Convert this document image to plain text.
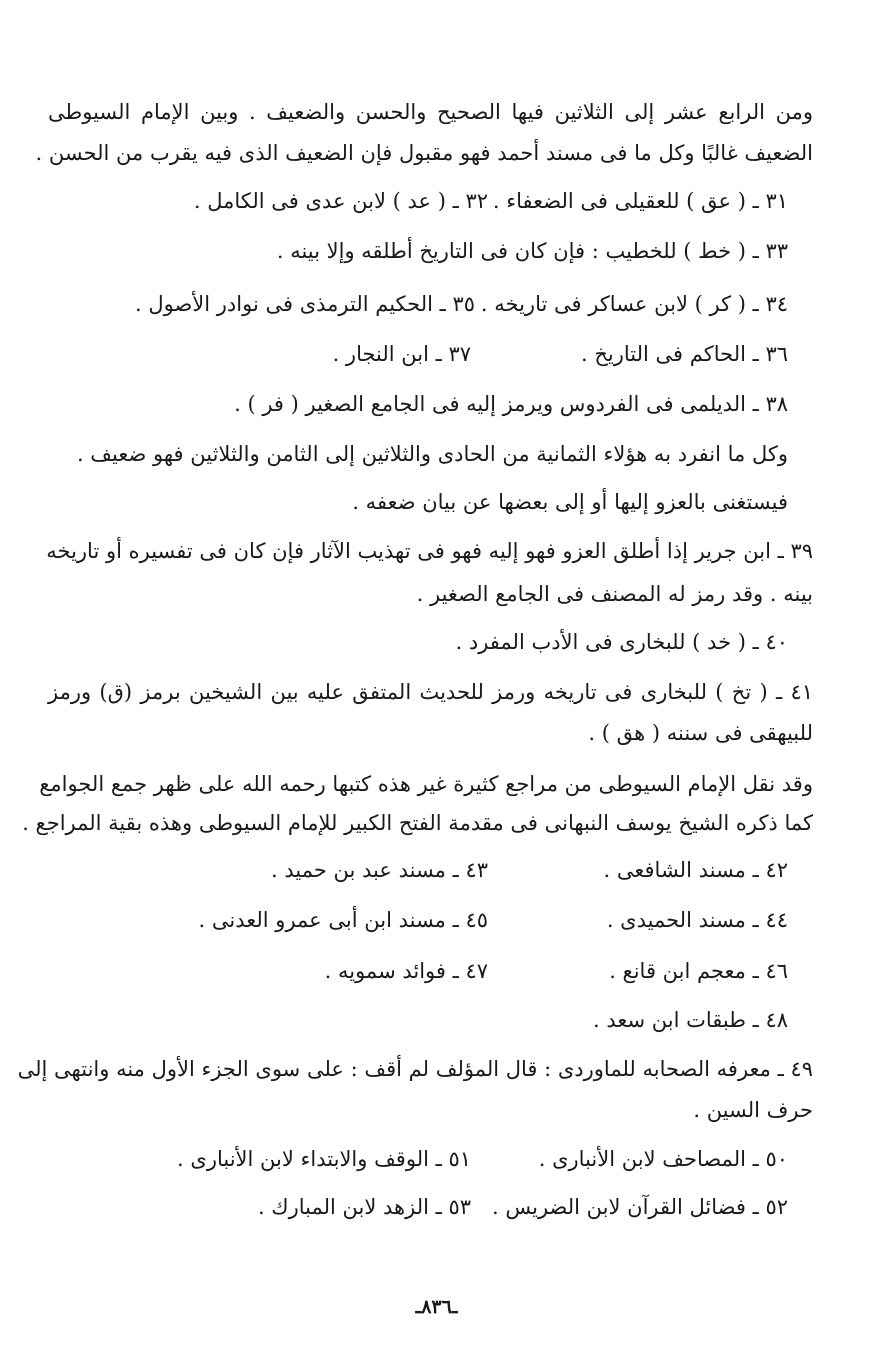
ومن الرابع عشر إلى الثلاثين فيها الصحيح والحسن والضعيف . وبين الإمام السيوطى
الضعيف غالبًا وكل ما فى مسند أحمد فهو مقبول فإن الضعيف الذى فيه يقرب من الحسن .
٣١ ـ ( عق ) للعقيلى فى الضعفاء .
٣٢ ـ ( عد ) لابن عدى فى الكامل .
٣٣ ـ ( خط ) للخطيب : فإن كان فى التاريخ أطلقه وإلا بينه .
٣٤ ـ ( كر ) لابن عساكر فى تاريخه .
٣٥ ـ الحكيم الترمذى فى نوادر الأصول .
٣٦ ـ الحاكم فى التاريخ .
٣٧ ـ ابن النجار .
٣٨ ـ الديلمى فى الفردوس ويرمز إليه فى الجامع الصغير ( فر ) .
وكل ما انفرد به هؤلاء الثمانية من الحادى والثلاثين إلى الثامن والثلاثين فهو ضعيف .
فيستغنى بالعزو إليها أو إلى بعضها عن بيان ضعفه .
٣٩ ـ ابن جرير إذا أطلق العزو فهو إليه فهو فى تهذيب الآثار فإن كان فى تفسيره أو تاريخه
بينه . وقد رمز له المصنف فى الجامع الصغير .
٤٠ ـ ( خد ) للبخارى فى الأدب المفرد .
٤١ ـ ( تخ ) للبخارى فى تاريخه ورمز للحديث المتفق عليه بين الشيخين برمز (ق) ورمز
للبيهقى فى سننه ( هق ) .
وقد نقل الإمام السيوطى من مراجع كثيرة غير هذه كتبها رحمه الله على ظهر جمع الجوامع
كما ذكره الشيخ يوسف النبهانى فى مقدمة الفتح الكبير للإمام السيوطى وهذه بقية المراجع .
٤٢ ـ مسند الشافعى .
٤٣ ـ مسند عبد بن حميد .
٤٤ ـ مسند الحميدى .
٤٥ ـ مسند ابن أبى عمرو العدنى .
٤٦ ـ معجم ابن قانع .
٤٧ ـ فوائد سمويه .
٤٨ ـ طبقات ابن سعد .
٤٩ ـ معرفه الصحابه للماوردى : قال المؤلف لم أقف : على سوى الجزء الأول منه وانتهى إلى
حرف السين .
٥٠ ـ المصاحف لابن الأنبارى .
٥١ ـ الوقف والابتداء لابن الأنبارى .
٥٢ ـ فضائل القرآن لابن الضريس .
٥٣ ـ الزهد لابن المبارك .
ـ٨٣٦ـ
